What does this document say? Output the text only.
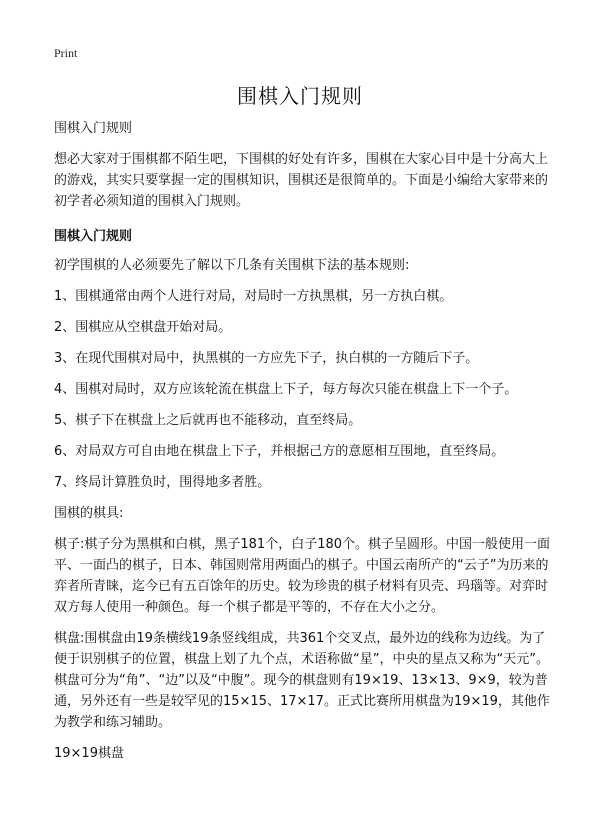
Print
围棋入门规则

围棋入门规则

想必大家对于围棋都不陌生吧，下围棋的好处有许多，围棋在大家心目中是十分高大上的游戏，其实只要掌握一定的围棋知识，围棋还是很简单的。下面是小编给大家带来的初学者必须知道的围棋入门规则。

围棋入门规则

初学围棋的人必须要先了解以下几条有关围棋下法的基本规则:

1、围棋通常由两个人进行对局，对局时一方执黑棋，另一方执白棋。

2、围棋应从空棋盘开始对局。

3、在现代围棋对局中，执黑棋的一方应先下子，执白棋的一方随后下子。

4、围棋对局时，双方应该轮流在棋盘上下子，每方每次只能在棋盘上下一个子。

5、棋子下在棋盘上之后就再也不能移动，直至终局。

6、对局双方可自由地在棋盘上下子，并根据己方的意愿相互围地，直至终局。

7、终局计算胜负时，围得地多者胜。

围棋的棋具:

棋子:棋子分为黑棋和白棋，黑子181个，白子180个。棋子呈圆形。中国一般使用一面平、一面凸的棋子，日本、韩国则常用两面凸的棋子。中国云南所产的“云子”为历来的弈者所青睐，迄今已有五百馀年的历史。较为珍贵的棋子材料有贝壳、玛瑙等。对弈时双方每人使用一种颜色。每一个棋子都是平等的，不存在大小之分。

棋盘:围棋盘由19条横线19条竖线组成，共361个交叉点，最外边的线称为边线。为了便于识别棋子的位置，棋盘上划了九个点，术语称做“星”，中央的星点又称为“天元”。棋盘可分为“角”、“边”以及“中腹”。现今的棋盘则有19×19、13×13、9×9，较为普通，另外还有一些是较罕见的15×15、17×17。正式比赛所用棋盘为19×19，其他作为教学和练习辅助。

19×19棋盘
